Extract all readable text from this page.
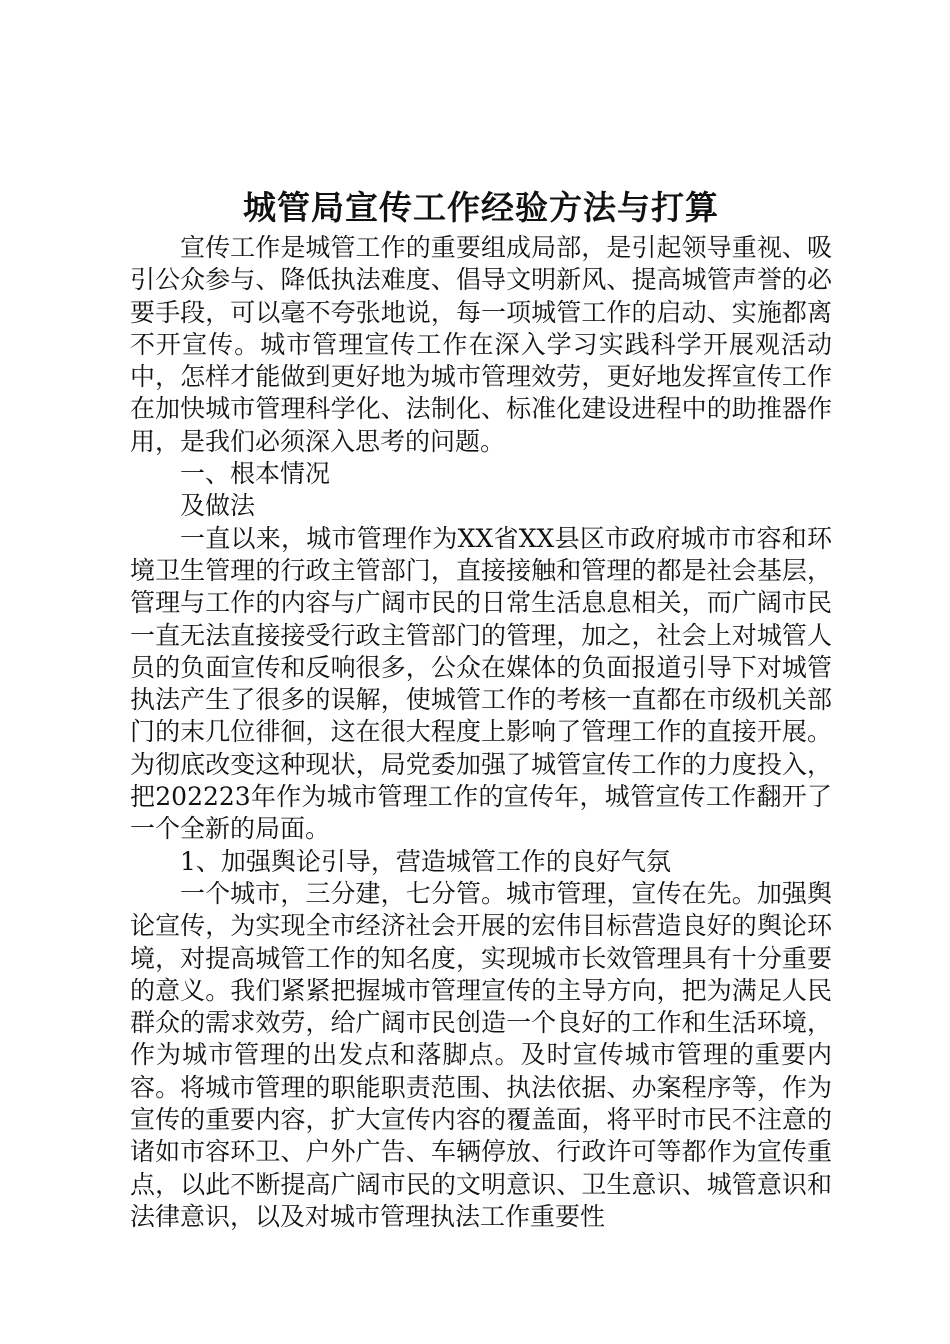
城管局宣传工作经验方法与打算

宣传工作是城管工作的重要组成局部，是引起领导重视、吸引公众参与、降低执法难度、倡导文明新风、提高城管声誉的必要手段，可以毫不夸张地说，每一项城管工作的启动、实施都离不开宣传。城市管理宣传工作在深入学习实践科学开展观活动中，怎样才能做到更好地为城市管理效劳，更好地发挥宣传工作在加快城市管理科学化、法制化、标准化建设进程中的助推器作用，是我们必须深入思考的问题。

一、根本情况

及做法

一直以来，城市管理作为XX省XX县区市政府城市市容和环境卫生管理的行政主管部门，直接接触和管理的都是社会基层，管理与工作的内容与广阔市民的日常生活息息相关，而广阔市民一直无法直接接受行政主管部门的管理，加之，社会上对城管人员的负面宣传和反响很多，公众在媒体的负面报道引导下对城管执法产生了很多的误解，使城管工作的考核一直都在市级机关部门的末几位徘徊，这在很大程度上影响了管理工作的直接开展。为彻底改变这种现状，局党委加强了城管宣传工作的力度投入，把202223年作为城市管理工作的宣传年，城管宣传工作翻开了一个全新的局面。

1、加强舆论引导，营造城管工作的良好气氛

一个城市，三分建，七分管。城市管理，宣传在先。加强舆论宣传，为实现全市经济社会开展的宏伟目标营造良好的舆论环境，对提高城管工作的知名度，实现城市长效管理具有十分重要的意义。我们紧紧把握城市管理宣传的主导方向，把为满足人民群众的需求效劳，给广阔市民创造一个良好的工作和生活环境，作为城市管理的出发点和落脚点。及时宣传城市管理的重要内容。将城市管理的职能职责范围、执法依据、办案程序等，作为宣传的重要内容，扩大宣传内容的覆盖面，将平时市民不注意的诸如市容环卫、户外广告、车辆停放、行政许可等都作为宣传重点，以此不断提高广阔市民的文明意识、卫生意识、城管意识和法律意识，以及对城市管理执法工作重要性
